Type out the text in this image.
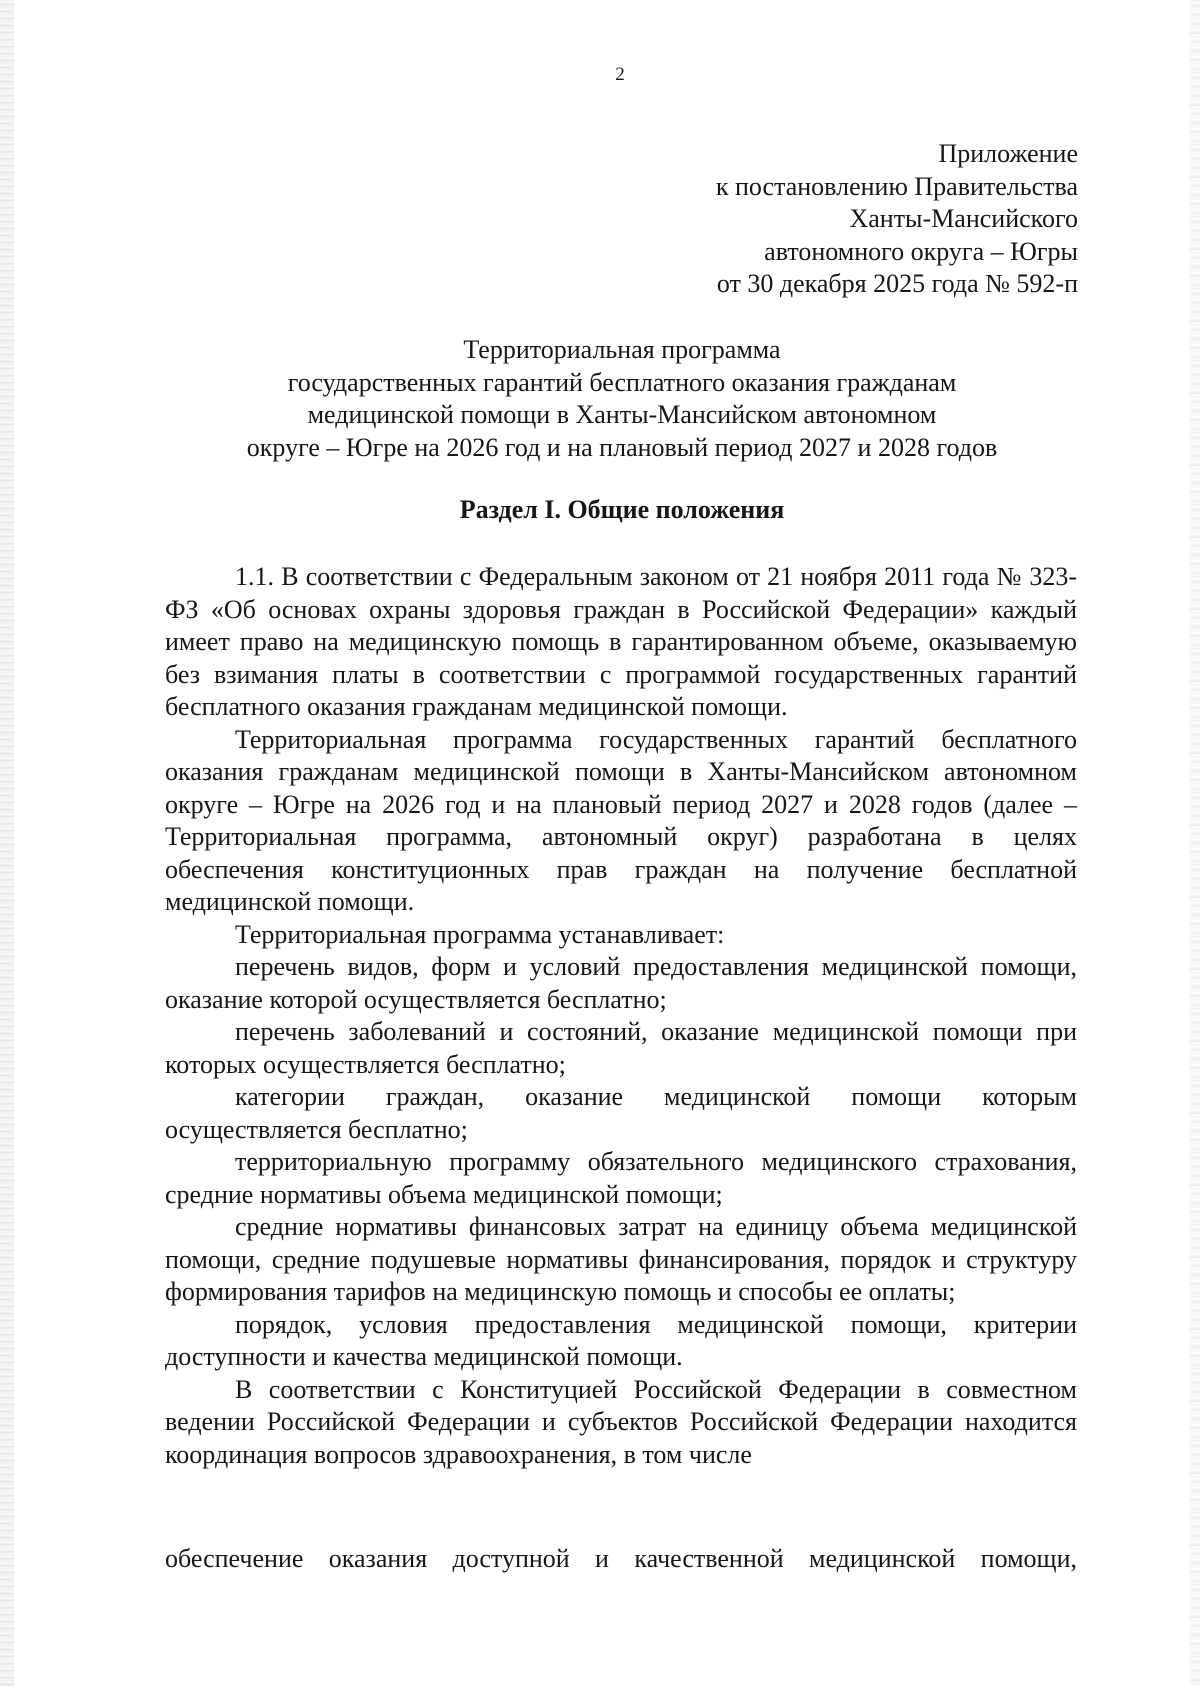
2
Приложение
к постановлению Правительства
Ханты-Мансийского
автономного округа – Югры
от 30 декабря 2025 года № 592-п
Территориальная программа
государственных гарантий бесплатного оказания гражданам
медицинской помощи в Ханты-Мансийском автономном
округе – Югре на 2026 год и на плановый период 2027 и 2028 годов
Раздел I. Общие положения

1.1. В соответствии с Федеральным законом от 21 ноября 2011 года № 323-ФЗ «Об основах охраны здоровья граждан в Российской Федерации» каждый имеет право на медицинскую помощь в гарантированном объеме, оказываемую без взимания платы в соответствии с программой государственных гарантий бесплатного оказания гражданам медицинской помощи.

Территориальная программа государственных гарантий бесплатного оказания гражданам медицинской помощи в Ханты-Мансийском автономном округе – Югре на 2026 год и на плановый период 2027 и 2028 годов (далее – Территориальная программа, автономный округ) разработана в целях обеспечения конституционных прав граждан на получение бесплатной медицинской помощи.

Территориальная программа устанавливает:

перечень видов, форм и условий предоставления медицинской помощи, оказание которой осуществляется бесплатно;

перечень заболеваний и состояний, оказание медицинской помощи при которых осуществляется бесплатно;

категории граждан, оказание медицинской помощи которым осуществляется бесплатно;

территориальную программу обязательного медицинского страхования, средние нормативы объема медицинской помощи;

средние нормативы финансовых затрат на единицу объема медицинской помощи, средние подушевые нормативы финансирования, порядок и структуру формирования тарифов на медицинскую помощь и способы ее оплаты;

порядок, условия предоставления медицинской помощи, критерии доступности и качества медицинской помощи.

В соответствии с Конституцией Российской Федерации в совместном ведении Российской Федерации и субъектов Российской Федерации находится координация вопросов здравоохранения, в том числе

обеспечение оказания доступной и качественной медицинской помощи,
